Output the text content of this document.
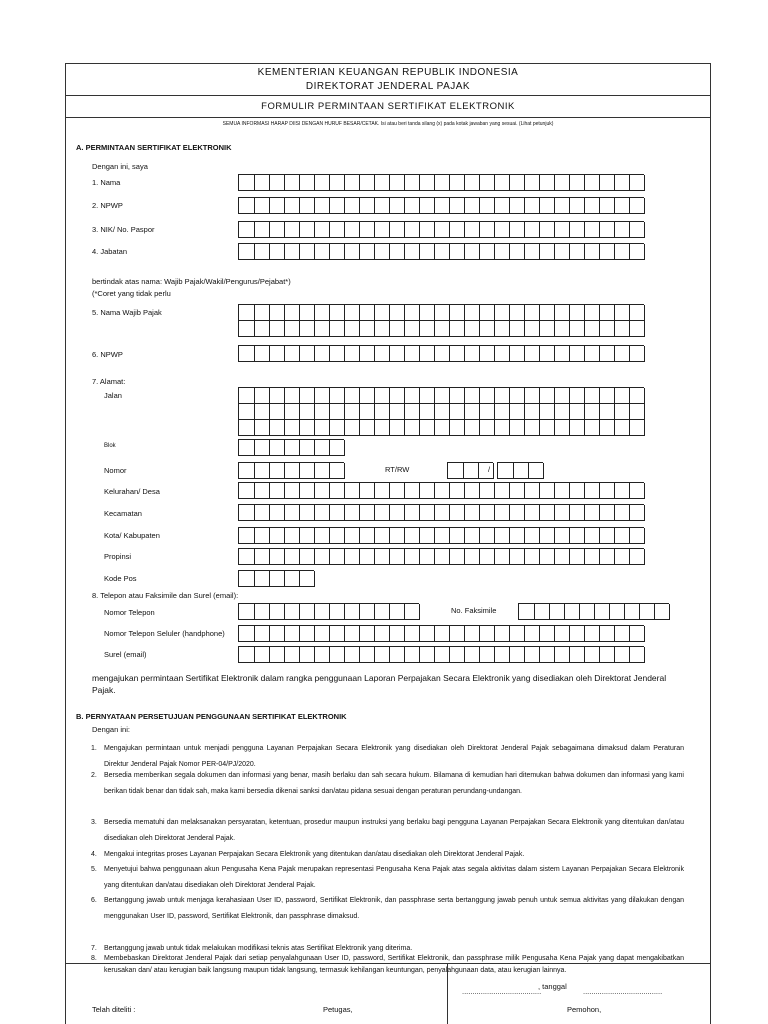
KEMENTERIAN KEUANGAN REPUBLIK INDONESIA
DIREKTORAT JENDERAL PAJAK
FORMULIR PERMINTAAN SERTIFIKAT ELEKTRONIK
SEMUA INFORMASI HARAP DIISI DENGAN HURUF BESAR/CETAK. Isi atau beri tanda silang (x) pada kotak jawaban yang sesuai. (Lihat petunjuk)
A. PERMINTAAN SERTIFIKAT ELEKTRONIK
Dengan ini, saya
1. Nama
2. NPWP
3. NIK/ No. Paspor
4. Jabatan
bertindak atas nama: Wajib Pajak/Wakil/Pengurus/Pejabat*)
(*Coret yang tidak perlu
5. Nama Wajib Pajak
6. NPWP
7. Alamat:
Jalan
Blok
Nomor	RT/RW	/
Kelurahan/ Desa
Kecamatan
Kota/ Kabupaten
Propinsi
Kode Pos
8. Telepon atau Faksimile dan Surel (email):
Nomor Telepon	No. Faksimile
Nomor Telepon Seluler (handphone)
Surel (email)
mengajukan permintaan Sertifikat Elektronik dalam rangka penggunaan Laporan Perpajakan Secara Elektronik yang disediakan oleh Direktorat Jenderal Pajak.
B. PERNYATAAN PERSETUJUAN PENGGUNAAN SERTIFIKAT ELEKTRONIK
Dengan ini:
1. Mengajukan permintaan untuk menjadi pengguna Layanan Perpajakan Secara Elektronik yang disediakan oleh Direktorat Jenderal Pajak sebagaimana dimaksud dalam Peraturan Direktur Jenderal Pajak Nomor PER-04/PJ/2020.
2. Bersedia memberikan segala dokumen dan informasi yang benar, masih berlaku dan sah secara hukum. Bilamana di kemudian hari ditemukan bahwa dokumen dan informasi yang kami berikan tidak benar dan tidak sah, maka kami bersedia dikenai sanksi dan/atau pidana sesuai dengan peraturan perundang-undangan.
3. Bersedia mematuhi dan melaksanakan persyaratan, ketentuan, prosedur maupun instruksi yang berlaku bagi pengguna Layanan Perpajakan Secara Elektronik yang ditentukan dan/atau disediakan oleh Direktorat Jenderal Pajak.
4. Mengakui integritas proses Layanan Perpajakan Secara Elektronik yang ditentukan dan/atau disediakan oleh Direktorat Jenderal Pajak.
5. Menyetujui bahwa penggunaan akun Pengusaha Kena Pajak merupakan representasi Pengusaha Kena Pajak atas segala aktivitas dalam sistem Layanan Perpajakan Secara Elektronik yang ditentukan dan/atau disediakan oleh Direktorat Jenderal Pajak.
6. Bertanggung jawab untuk menjaga kerahasiaan User ID, password, Sertifikat Elektronik, dan passphrase serta bertanggung jawab penuh untuk semua aktivitas yang dilakukan dengan menggunakan User ID, password, Sertifikat Elektronik, dan passphrase dimaksud.
7. Bertanggung jawab untuk tidak melakukan modifikasi teknis atas Sertifikat Elektronik yang diterima.
8. Membebaskan Direktorat Jenderal Pajak dari setiap penyalahgunaan User ID, password, Sertifikat Elektronik, dan passphrase milik Pengusaha Kena Pajak yang dapat mengakibatkan kerusakan dan/ atau kerugian baik langsung maupun tidak langsung, termasuk kehilangan keuntungan, penyalahgunaan data, atau kerugian lainnya.
......................................
, tanggal
......................................
Telah diteliti :	Petugas,	Pemohon,
